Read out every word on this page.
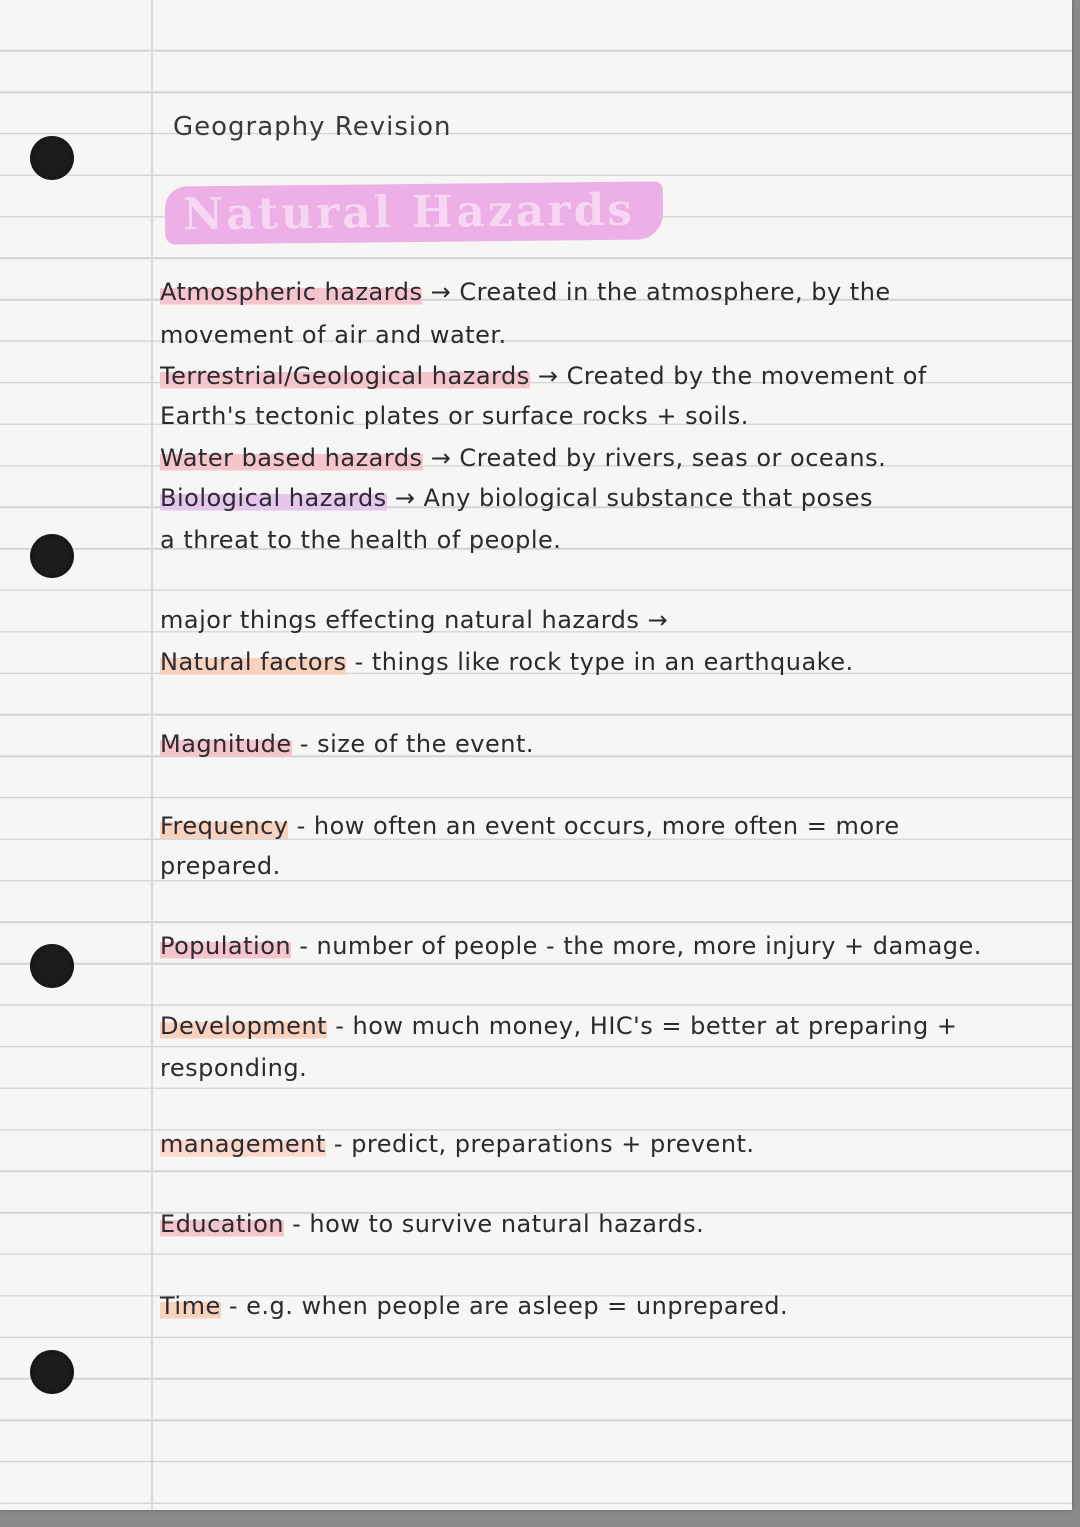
Geography Revision

Natural Hazards

Atmospheric hazards → Created in the atmosphere, by the

movement of air and water.

Terrestrial/Geological hazards → Created by the movement of

Earth's tectonic plates or surface rocks + soils.

Water based hazards → Created by rivers, seas or oceans.

Biological hazards → Any biological substance that poses

a threat to the health of people.

major things effecting natural hazards →

Natural factors - things like rock type in an earthquake.

Magnitude - size of the event.

Frequency - how often an event occurs, more often = more

prepared.

Population - number of people - the more, more injury + damage.

Development - how much money, HIC's = better at preparing +

responding.

management - predict, preparations + prevent.

Education - how to survive natural hazards.

Time - e.g. when people are asleep = unprepared.
